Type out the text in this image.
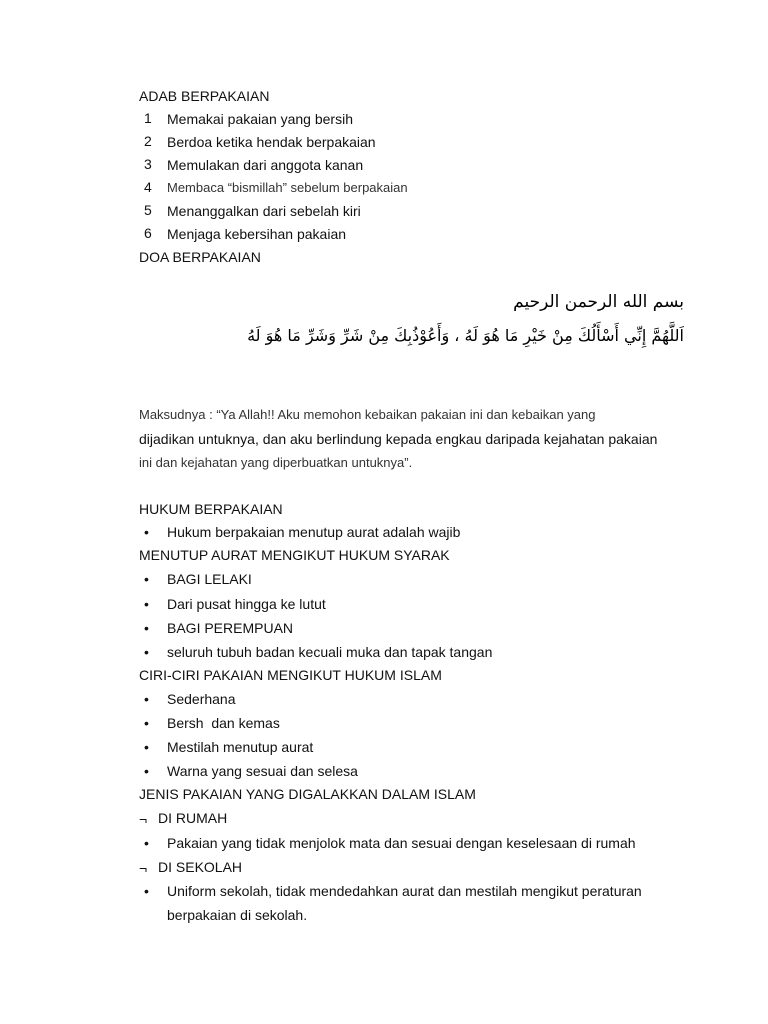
ADAB BERPAKAIAN
1	Memakai pakaian yang bersih
2	Berdoa ketika hendak berpakaian
3	Memulakan dari anggota kanan
4	Membaca “bismillah” sebelum berpakaian
5	Menanggalkan dari sebelah kiri
6	Menjaga kebersihan pakaian
DOA BERPAKAIAN
بسم الله الرحمن الرحيم
اَللَّهُمَّ إِنِّي أَسْأَلُكَ مِنْ خَيْرِ مَا هُوَ لَهُ ، وَأَعُوْذُبِكَ مِنْ شَرِّ وَشَرِّ مَا هُوَ لَهُ
Maksudnya : “Ya Allah!! Aku memohon kebaikan pakaian ini dan kebaikan yang
dijadikan untuknya, dan aku berlindung kepada engkau daripada kejahatan pakaian
ini dan kejahatan yang diperbuatkan untuknya”.
HUKUM BERPAKAIAN
• Hukum berpakaian menutup aurat adalah wajib
MENUTUP AURAT MENGIKUT HUKUM SYARAK
• BAGI LELAKI
• Dari pusat hingga ke lutut
• BAGI PEREMPUAN
• seluruh tubuh badan kecuali muka dan tapak tangan
CIRI-CIRI PAKAIAN MENGIKUT HUKUM ISLAM
• Sederhana
• Bersh  dan kemas
• Mestilah menutup aurat
• Warna yang sesuai dan selesa
JENIS PAKAIAN YANG DIGALAKKAN DALAM ISLAM
¬ DI RUMAH
• Pakaian yang tidak menjolok mata dan sesuai dengan keselesaan di rumah
¬ DI SEKOLAH
• Uniform sekolah, tidak mendedahkan aurat dan mestilah mengikut peraturan
berpakaian di sekolah.
